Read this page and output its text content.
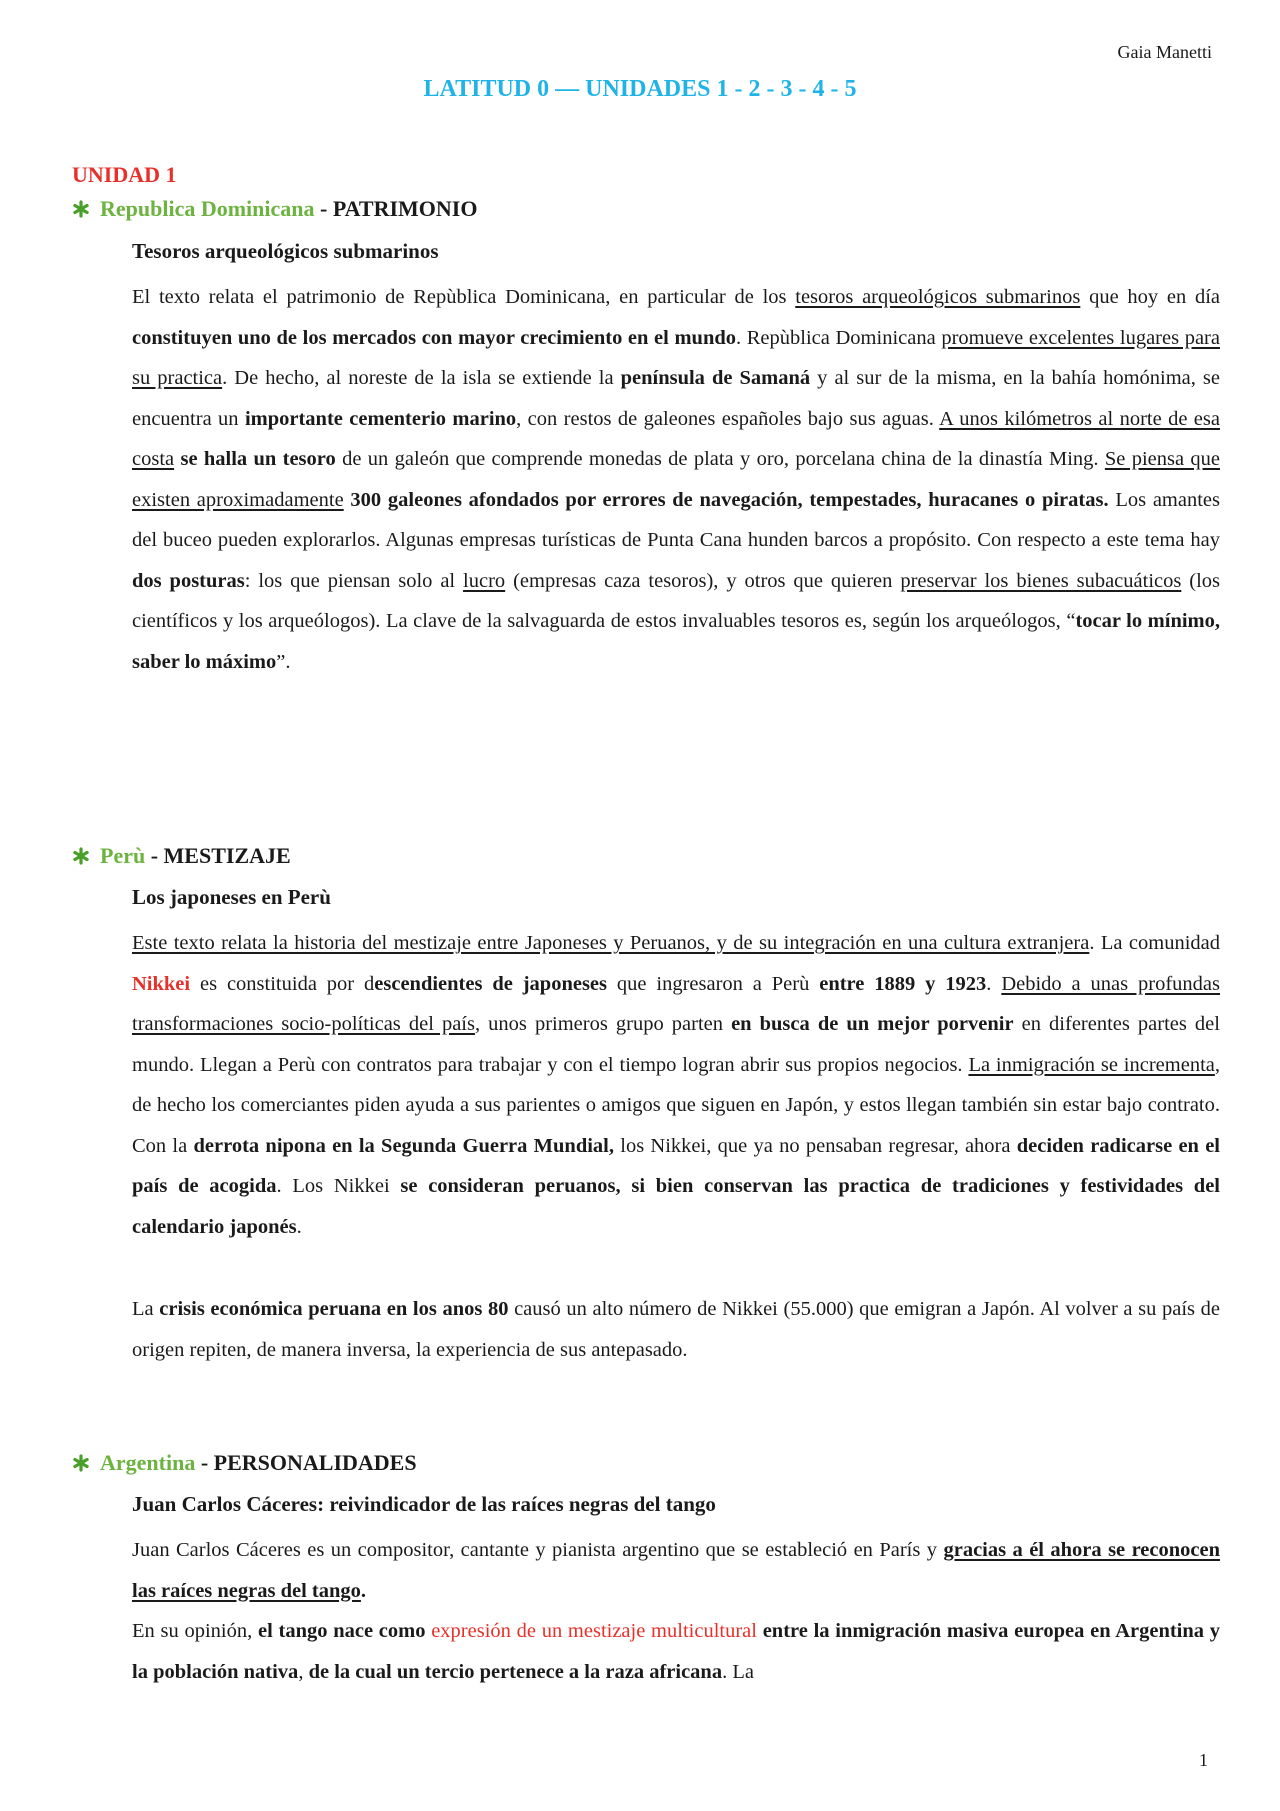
Gaia Manetti
LATITUD 0 — UNIDADES 1 - 2 - 3 - 4 - 5
UNIDAD 1
Republica Dominicana - PATRIMONIO
Tesoros arqueológicos submarinos
El texto relata el patrimonio de Repùblica Dominicana, en particular de los tesoros arqueológicos submarinos que hoy en día constituyen uno de los mercados con mayor crecimiento en el mundo. Repùblica Dominicana promueve excelentes lugares para su practica. De hecho, al noreste de la isla se extiende la península de Samaná y al sur de la misma, en la bahía homónima, se encuentra un importante cementerio marino, con restos de galeones españoles bajo sus aguas. A unos kilómetros al norte de esa costa se halla un tesoro de un galeón que comprende monedas de plata y oro, porcelana china de la dinastía Ming. Se piensa que existen aproximadamente 300 galeones afondados por errores de navegación, tempestades, huracanes o piratas. Los amantes del buceo pueden explorarlos. Algunas empresas turísticas de Punta Cana hunden barcos a propósito. Con respecto a este tema hay dos posturas: los que piensan solo al lucro (empresas caza tesoros), y otros que quieren preservar los bienes subacuáticos (los científicos y los arqueólogos). La clave de la salvaguarda de estos invaluables tesoros es, según los arqueólogos, “tocar lo mínimo, saber lo máximo”.
Perù - MESTIZAJE
Los japoneses en Perù
Este texto relata la historia del mestizaje entre Japoneses y Peruanos, y de su integración en una cultura extranjera. La comunidad Nikkei es constituida por descendientes de japoneses que ingresaron a Perù entre 1889 y 1923. Debido a unas profundas transformaciones socio-políticas del país, unos primeros grupo parten en busca de un mejor porvenir en diferentes partes del mundo. Llegan a Perù con contratos para trabajar y con el tiempo logran abrir sus propios negocios. La inmigración se incrementa, de hecho los comerciantes piden ayuda a sus parientes o amigos que siguen en Japón, y estos llegan también sin estar bajo contrato. Con la derrota nipona en la Segunda Guerra Mundial, los Nikkei, que ya no pensaban regresar, ahora deciden radicarse en el país de acogida. Los Nikkei se consideran peruanos, si bien conservan las practica de tradiciones y festividades del calendario japonés.
La crisis económica peruana en los anos 80 causó un alto número de Nikkei (55.000) que emigran a Japón. Al volver a su país de origen repiten, de manera inversa, la experiencia de sus antepasado.
Argentina - PERSONALIDADES
Juan Carlos Cáceres: reivindicador de las raíces negras del tango
Juan Carlos Cáceres es un compositor, cantante y pianista argentino que se estableció en París y gracias a él ahora se reconocen las raíces negras del tango.
En su opinión, el tango nace como expresión de un mestizaje multicultural entre la inmigración masiva europea en Argentina y la población nativa, de la cual un tercio pertenece a la raza africana. La
1
